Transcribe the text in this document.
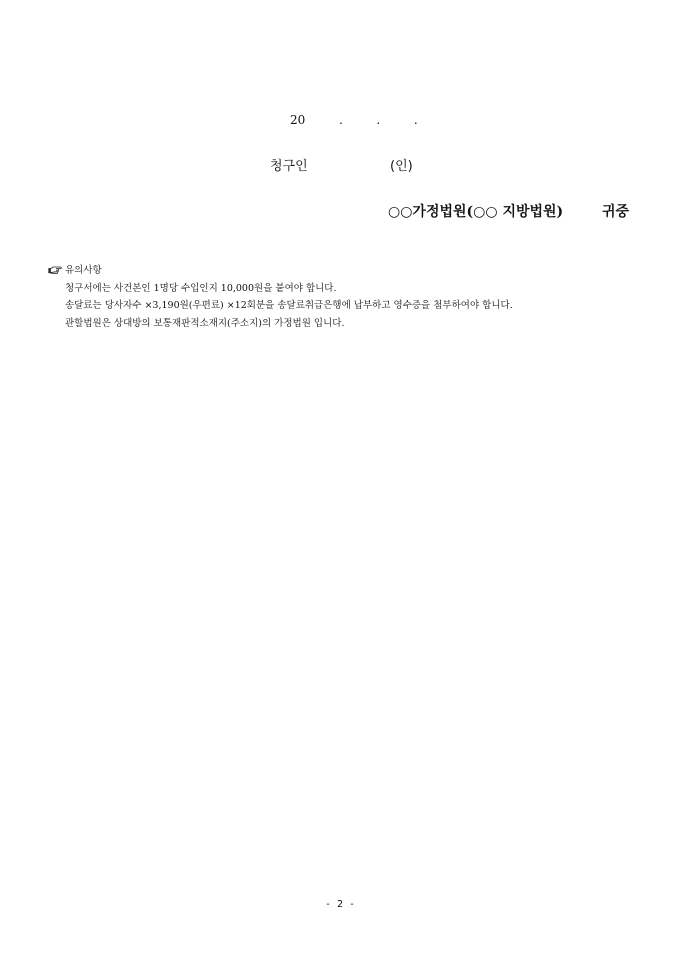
20	.	.	.
청구인	(인)
○○가정법원(○○ 지방법원)	귀중
유의사항
청구서에는 사건본인 1명당 수입인지 10,000원을 붙여야 합니다.
송달료는 당사자수 ×3,190원(우편료) ×12회분을 송달료취급은행에 납부하고 영수증을 첨부하여야 합니다.
관할법원은 상대방의 보통재판적소재지(주소지)의 가정법원 입니다.
- 2 -
